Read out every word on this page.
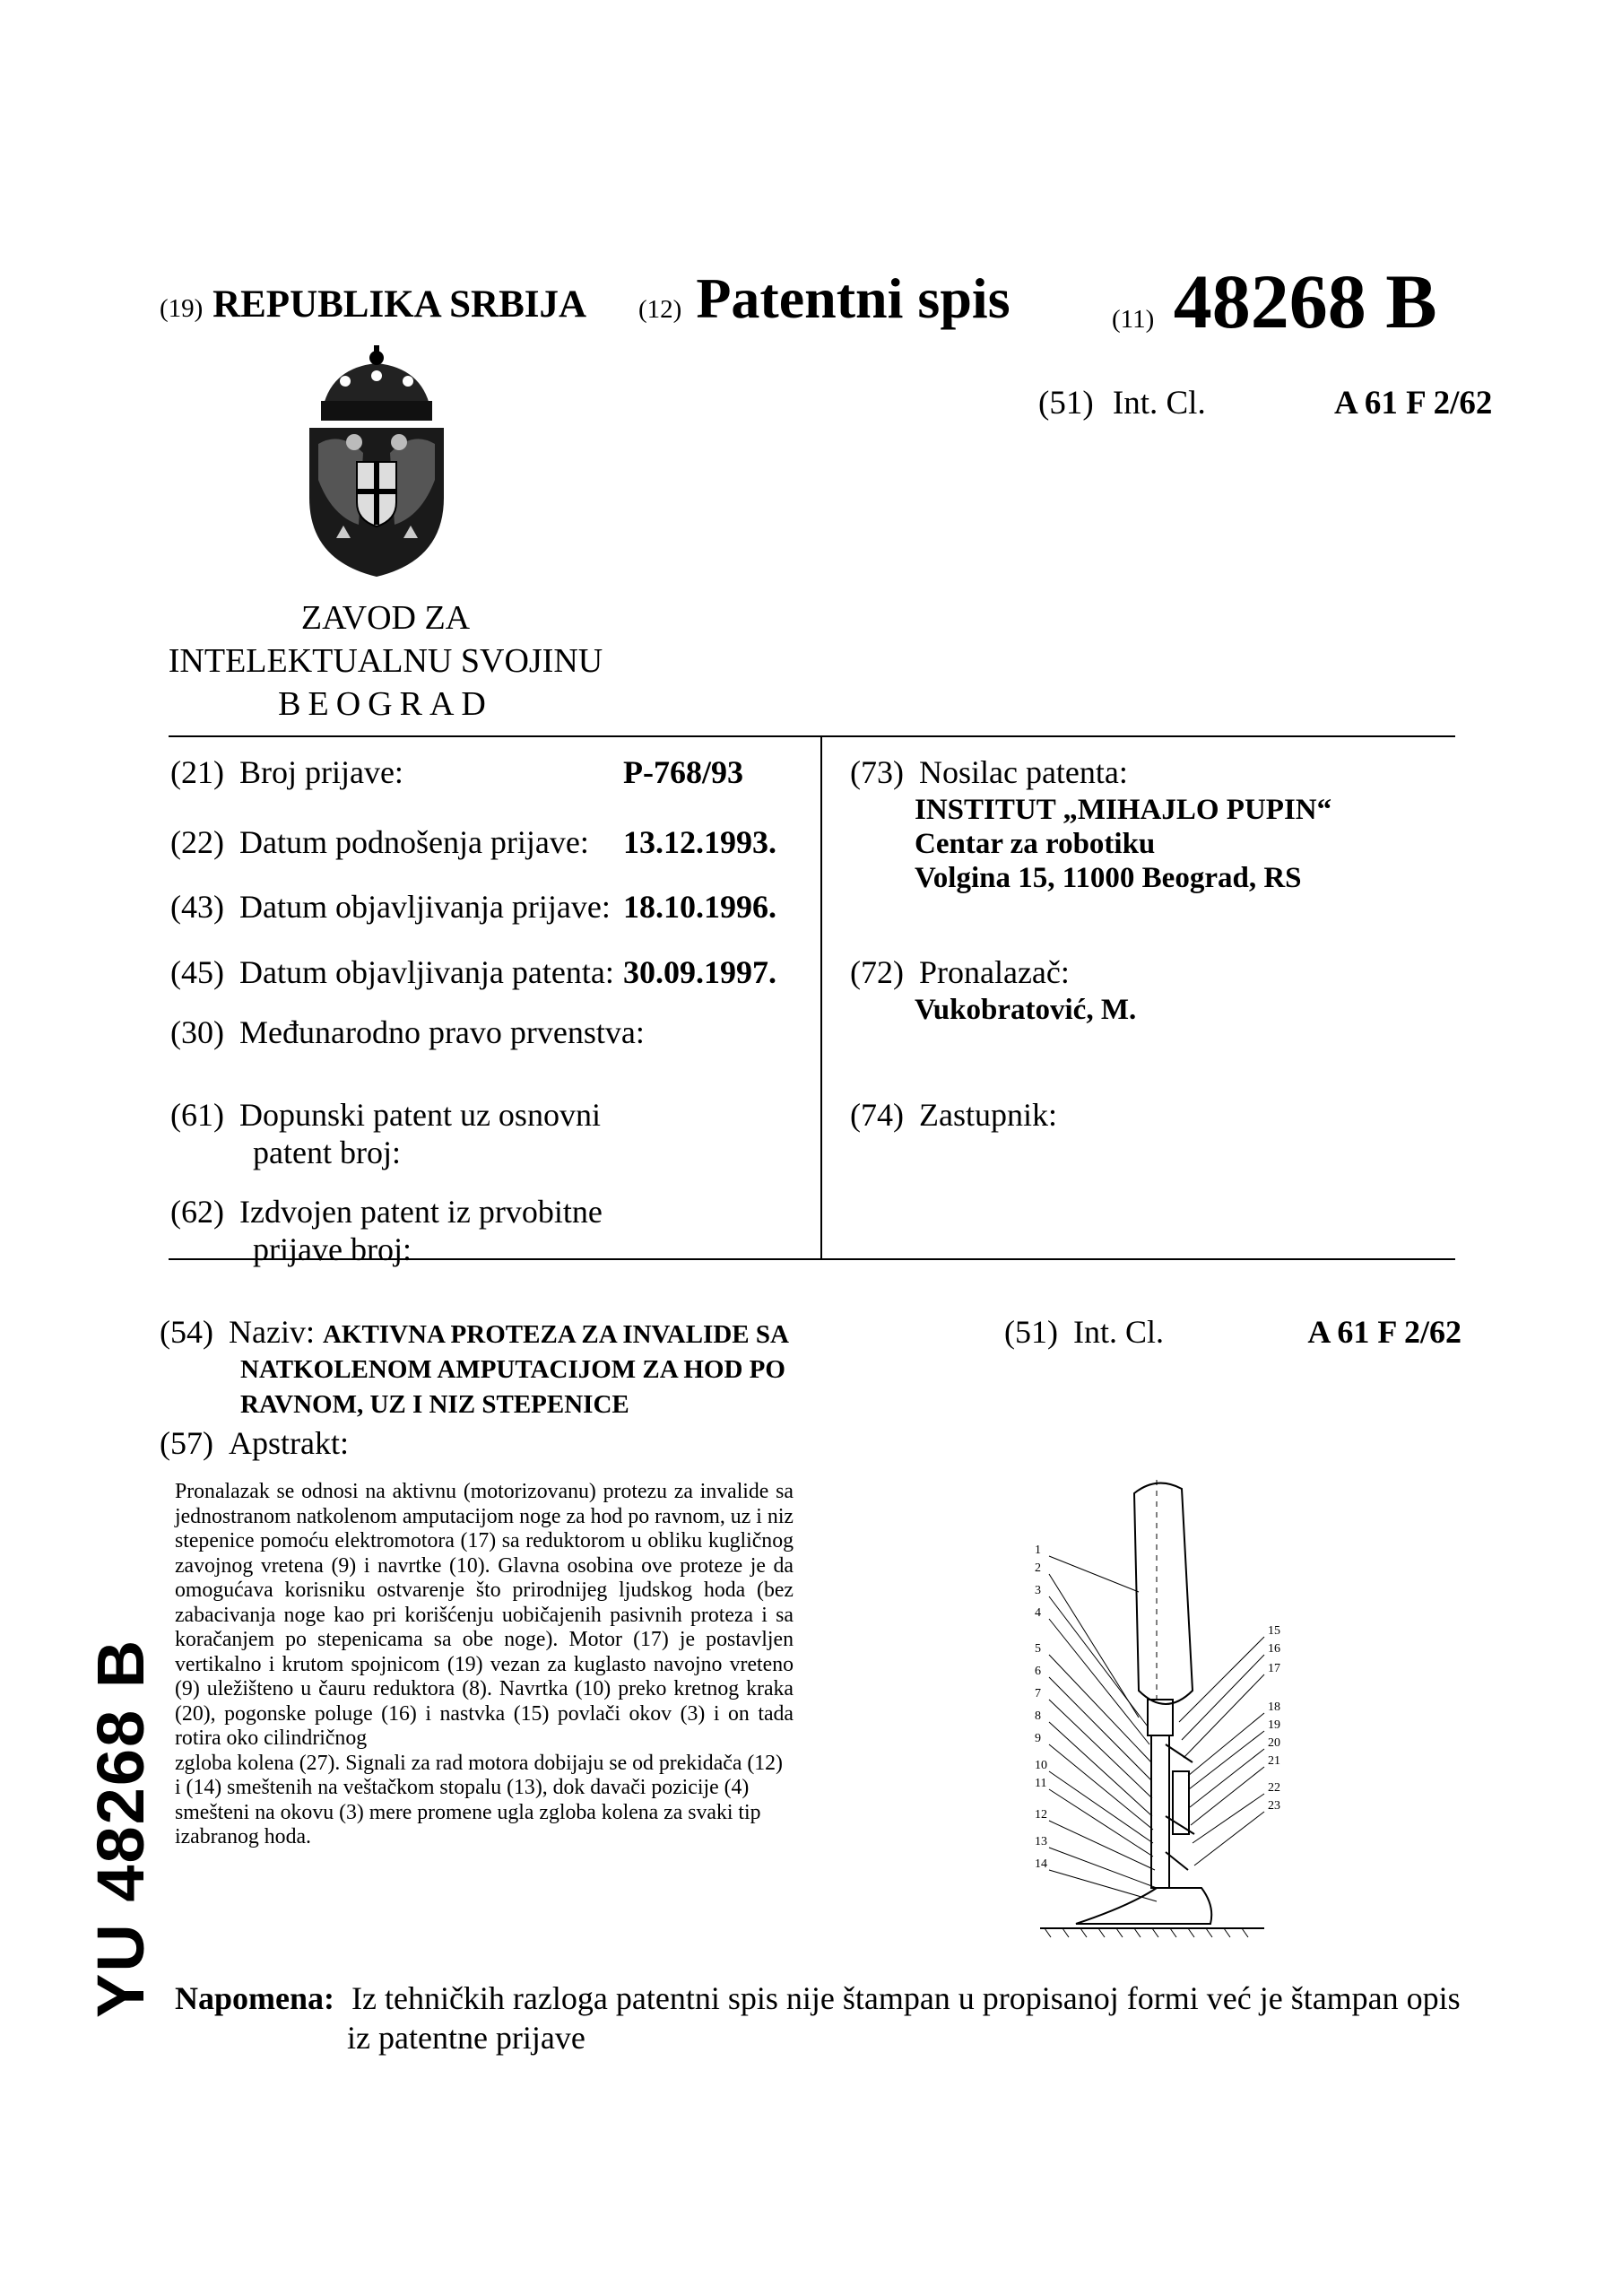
(19) REPUBLIKA SRBIJA (12) Patentni spis	(11) 48268 B
(51) Int. Cl.	A 61 F 2/62
ZAVOD ZA
INTELEKTUALNU SVOJINU
BEOGRAD
(21) Broj prijave:	P-768/93
(22) Datum podnošenja prijave: 13.12.1993.
(43) Datum objavljivanja prijave: 18.10.1996.
(45) Datum objavljivanja patenta: 30.09.1997.
(30) Međunarodno pravo prvenstva:
(61) Dopunski patent uz osnovni
patent broj:
(62) Izdvojen patent iz prvobitne
prijave broj:
(73) Nosilac patenta:
INSTITUT „MIHAJLO PUPIN“
Centar za robotiku
Volgina 15, 11000 Beograd, RS
(72) Pronalazač:
Vukobratović, M.
(74) Zastupnik:
(54) Naziv: AKTIVNA PROTEZA ZA INVALIDE SA
NATKOLENOM AMPUTACIJOM ZA HOD PO
RAVNOM, UZ I NIZ STEPENICE
(57) Apstrakt:
(51) Int. Cl.	A 61 F 2/62
Pronalazak se odnosi na aktivnu (motorizovanu) protezu za invalide sa jednostranom natkolenom amputacijom noge za hod po ravnom, uz i niz stepenice pomoću elektromotora (17) sa reduktorom u obliku kugličnog zavojnog vretena (9) i navrtke (10). Glavna osobina ove proteze je da omogućava korisniku ostvarenje što prirodnijeg ljudskog hoda (bez zabacivanja noge kao pri korišćenju uobičajenih pasivnih proteza i sa koračanjem po stepenicama sa obe noge). Motor (17) je postavljen vertikalno i krutom spojnicom (19) vezan za kuglasto navojno vreteno (9) uležišteno u čauru reduktora (8). Navrtka (10) preko kretnog kraka (20), pogonske poluge (16) i nastvka (15) povlači okov (3) i on tada rotira oko cilindričnog
zgloba kolena (27). Signali za rad motora dobijaju se od prekidača (12) i (14) smeštenih na veštačkom stopalu (13), dok davači pozicije (4) smešteni na okovu (3) mere promene ugla zgloba kolena za svaki tip izabranog hoda.
1
2
3
4
5
6
7
8
9
10
11
12
13
14
15
16
17
18
19
20
21
22
23
YU 48268 B Napomena: Iz tehničkih razloga patentni spis nije štampan u propisanoj formi već je štampan opis
iz patentne prijave
